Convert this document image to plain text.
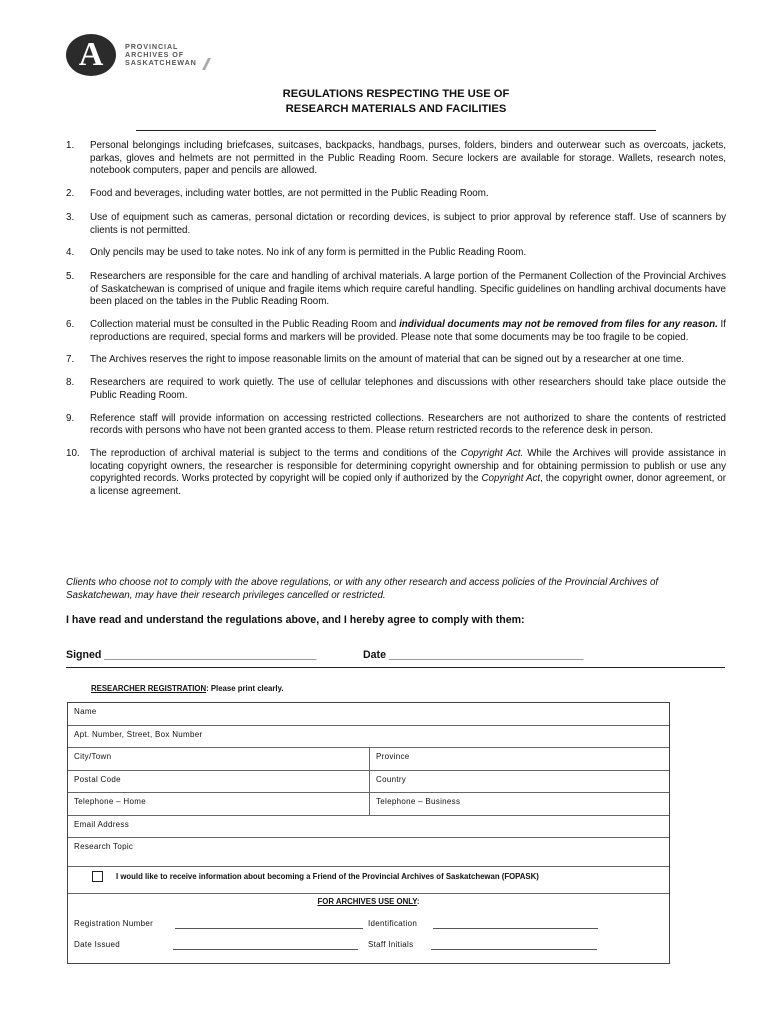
A	PROVINCIAL
ARCHIVES OF
SASKATCHEWAN
REGULATIONS RESPECTING THE USE OF
RESEARCH MATERIALS AND FACILITIES
1. Personal belongings including briefcases, suitcases, backpacks, handbags, purses, folders, binders and outerwear such as overcoats, jackets, parkas, gloves and helmets are not permitted in the Public Reading Room. Secure lockers are available for storage. Wallets, research notes, notebook computers, paper and pencils are allowed.
2. Food and beverages, including water bottles, are not permitted in the Public Reading Room.
3. Use of equipment such as cameras, personal dictation or recording devices, is subject to prior approval by reference staff. Use of scanners by clients is not permitted.
4. Only pencils may be used to take notes. No ink of any form is permitted in the Public Reading Room.
5. Researchers are responsible for the care and handling of archival materials. A large portion of the Permanent Collection of the Provincial Archives of Saskatchewan is comprised of unique and fragile items which require careful handling. Specific guidelines on handling archival documents have been placed on the tables in the Public Reading Room.
6. Collection material must be consulted in the Public Reading Room and individual documents may not be removed from files for any reason. If reproductions are required, special forms and markers will be provided. Please note that some documents may be too fragile to be copied.
7. The Archives reserves the right to impose reasonable limits on the amount of material that can be signed out by a researcher at one time.
8. Researchers are required to work quietly. The use of cellular telephones and discussions with other researchers should take place outside the Public Reading Room.
9. Reference staff will provide information on accessing restricted collections. Researchers are not authorized to share the contents of restricted records with persons who have not been granted access to them. Please return restricted records to the reference desk in person.
10. The reproduction of archival material is subject to the terms and conditions of the Copyright Act. While the Archives will provide assistance in locating copyright owners, the researcher is responsible for determining copyright ownership and for obtaining permission to publish or use any copyrighted records. Works protected by copyright will be copied only if authorized by the Copyright Act, the copyright owner, donor agreement, or a license agreement.
Clients who choose not to comply with the above regulations, or with any other research and access policies of the Provincial Archives of Saskatchewan, may have their research privileges cancelled or restricted.
I have read and understand the regulations above, and I hereby agree to comply with them:
Signed ____________________________________	Date _________________________________
RESEARCHER REGISTRATION: Please print clearly.
Name
Apt. Number, Street, Box Number
City/Town	Province
Postal Code	Country
Telephone – Home	Telephone – Business
Email Address
Research Topic
I would like to receive information about becoming a Friend of the Provincial Archives of Saskatchewan (FOPASK)
FOR ARCHIVES USE ONLY:
Registration Number	Identification
Date Issued	Staff Initials
